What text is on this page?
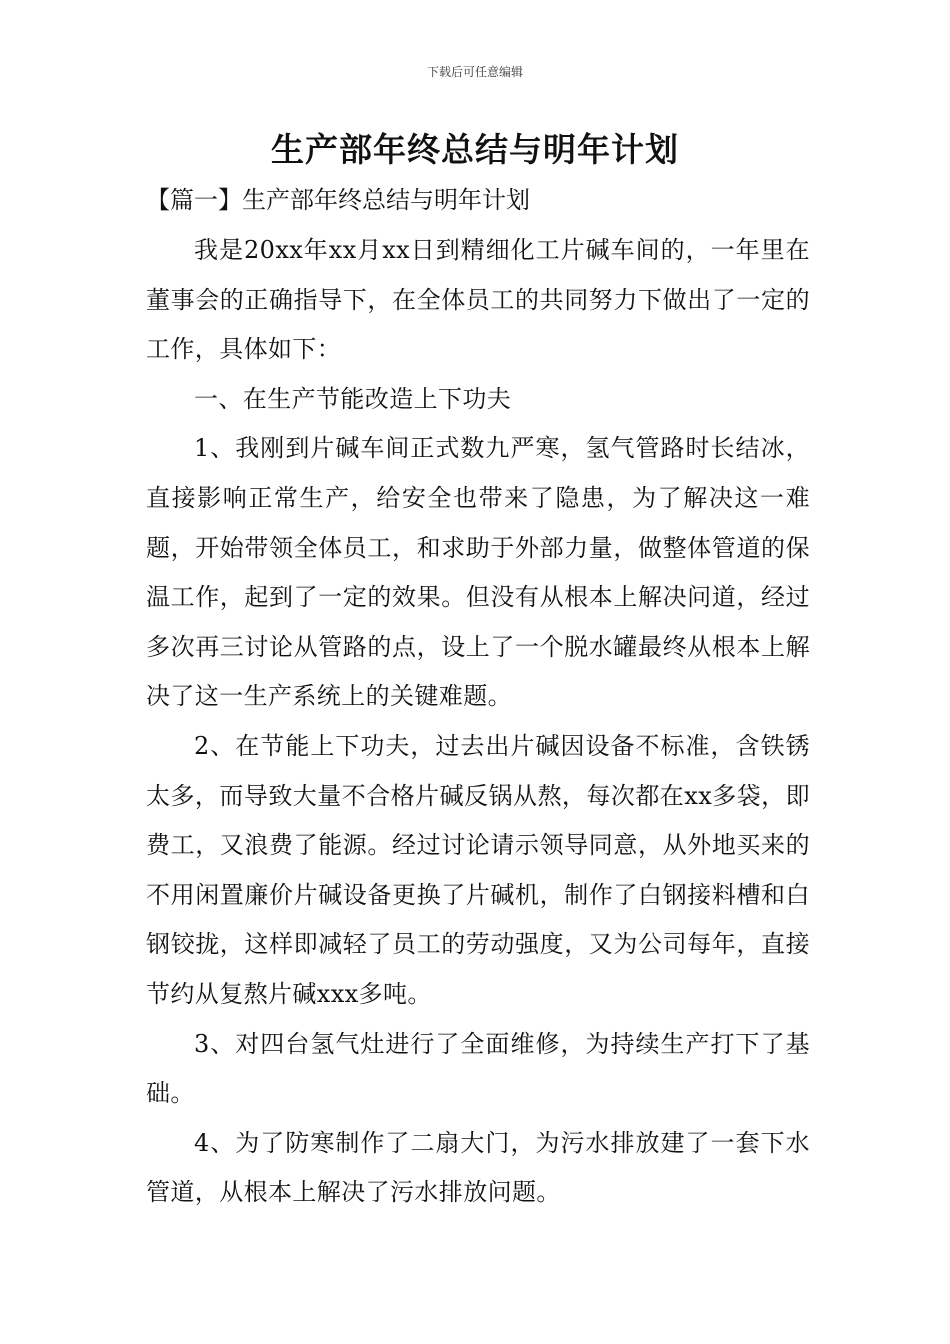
下载后可任意编辑
生产部年终总结与明年计划
【篇一】生产部年终总结与明年计划

我是20xx年xx月xx日到精细化工片碱车间的，一年里在董事会的正确指导下，在全体员工的共同努力下做出了一定的工作，具体如下：

一、在生产节能改造上下功夫

1、我刚到片碱车间正式数九严寒，氢气管路时长结冰，直接影响正常生产，给安全也带来了隐患，为了解决这一难题，开始带领全体员工，和求助于外部力量，做整体管道的保温工作，起到了一定的效果。但没有从根本上解决问道，经过多次再三讨论从管路的点，设上了一个脱水罐最终从根本上解决了这一生产系统上的关键难题。

2、在节能上下功夫，过去出片碱因设备不标准，含铁锈太多，而导致大量不合格片碱反锅从熬，每次都在xx多袋，即费工，又浪费了能源。经过讨论请示领导同意，从外地买来的不用闲置廉价片碱设备更换了片碱机，制作了白钢接料槽和白钢铰拢，这样即减轻了员工的劳动强度，又为公司每年，直接节约从复熬片碱xxx多吨。

3、对四台氢气灶进行了全面维修，为持续生产打下了基础。

4、为了防寒制作了二扇大门，为污水排放建了一套下水管道，从根本上解决了污水排放问题。
